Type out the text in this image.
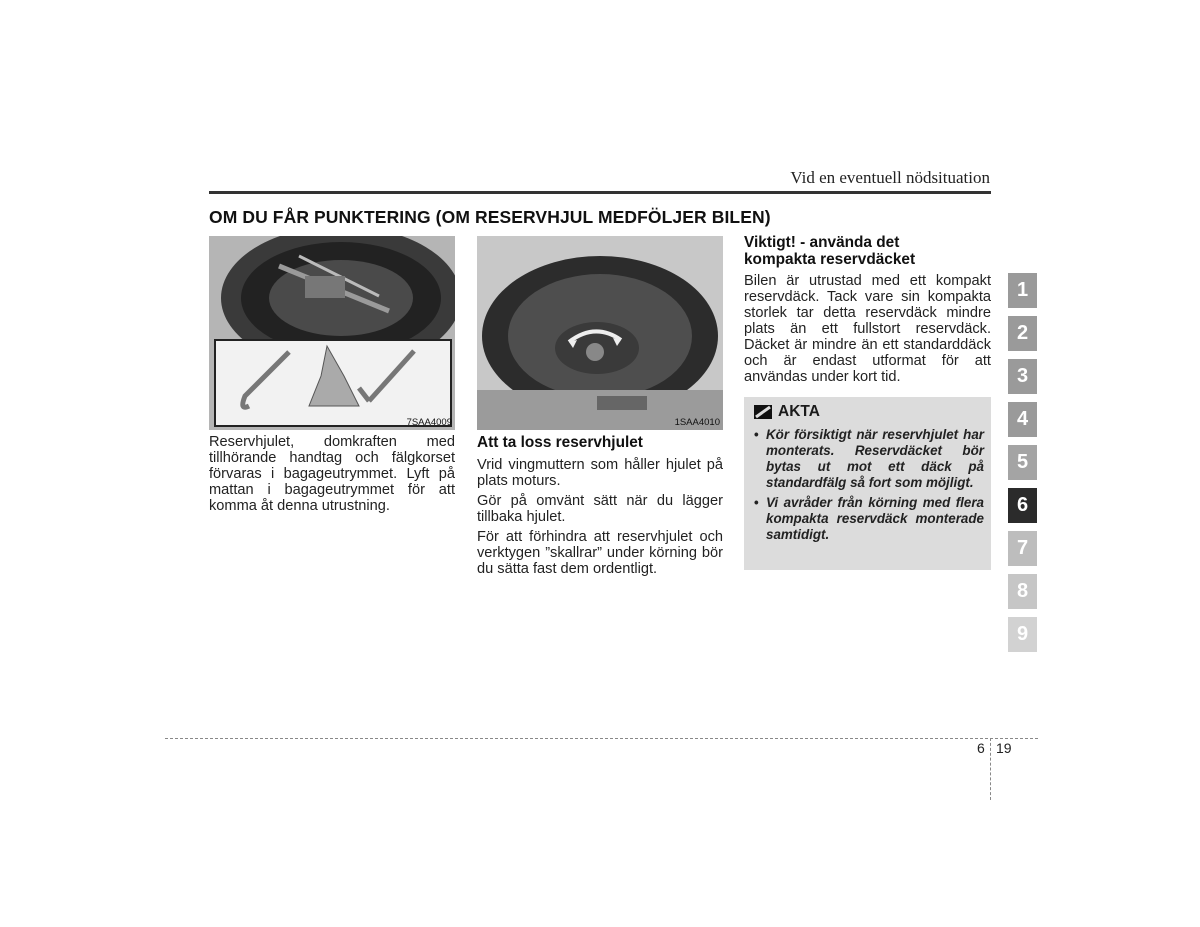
Vid en eventuell nödsituation
OM DU FÅR PUNKTERING (OM RESERVHJUL MEDFÖLJER BILEN)
7SAA4009	1SAA4010

Reservhjulet, domkraften med tillhörande handtag och fälgkorset förvaras i bagageutrymmet. Lyft på mattan i bagageutrymmet för att komma åt denna utrustning.

Att ta loss reservhjulet

Vrid vingmuttern som håller hjulet på plats moturs.

Gör på omvänt sätt när du lägger tillbaka hjulet.

För att förhindra att reservhjulet och verktygen ”skallrar” under körning bör du sätta fast dem ordentligt.

Viktigt! - använda det kompakta reservdäcket

Bilen är utrustad med ett kompakt reservdäck. Tack vare sin kompakta storlek tar detta reservdäck mindre plats än ett fullstort reservdäck. Däcket är mindre än ett standarddäck och är endast utformat för att användas under kort tid.

AKTA
• Kör försiktigt när reservhjulet har monterats. Reservdäcket bör bytas ut mot ett däck på standardfälg så fort som möjligt.
• Vi avråder från körning med flera kompakta reservdäck monterade samtidigt.
1
2
3
4
5
6
7
8
9
6 19
